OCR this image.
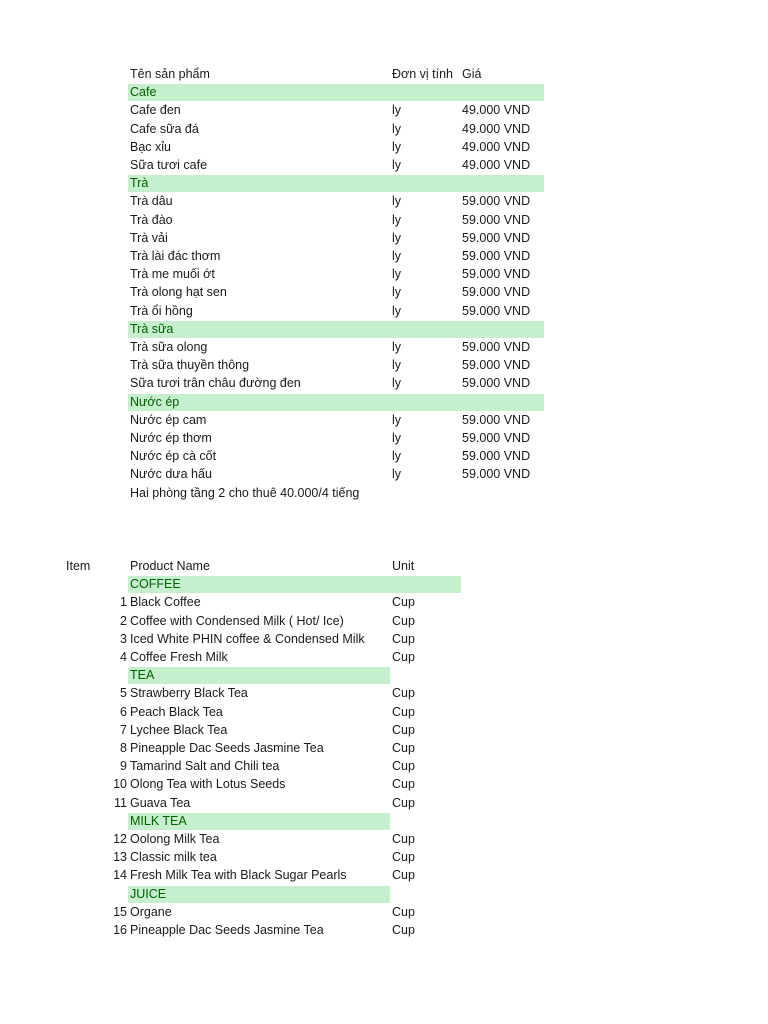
Tên sản phẩm	Đơn vị tính Giá
Cafe
Cafe đen	ly	49.000 VND
Cafe sữa đá	ly	49.000 VND
Bạc xỉu	ly	49.000 VND
Sữa tươi cafe	ly	49.000 VND
Trà
Trà dâu	ly	59.000 VND
Trà đào	ly	59.000 VND
Trà vải	ly	59.000 VND
Trà lài đác thơm	ly	59.000 VND
Trà me muối ớt	ly	59.000 VND
Trà olong hạt sen	ly	59.000 VND
Trà ổi hồng	ly	59.000 VND
Trà sữa
Trà sữa olong	ly	59.000 VND
Trà sữa thuyền thông	ly	59.000 VND
Sữa tươi trân châu đường đen	ly	59.000 VND
Nước ép
Nước ép cam	ly	59.000 VND
Nước ép thơm	ly	59.000 VND
Nước ép cà cốt	ly	59.000 VND
Nước dưa hấu	ly	59.000 VND
Hai phòng tầng 2 cho thuê 40.000/4 tiếng
Item	Product Name	Unit
COFFEE
1 Black Coffee	Cup
2 Coffee with Condensed Milk ( Hot/ Ice)	Cup
3 Iced White PHIN coffee & Condensed Milk	Cup
4 Coffee Fresh Milk	Cup
TEA
5 Strawberry Black Tea	Cup
6 Peach Black Tea	Cup
7 Lychee Black Tea	Cup
8 Pineapple Dac Seeds Jasmine Tea	Cup
9 Tamarind Salt and Chili tea	Cup
10 Olong Tea with Lotus Seeds	Cup
11 Guava Tea	Cup
MILK TEA
12 Oolong Milk Tea	Cup
13 Classic milk tea	Cup
14 Fresh Milk Tea with Black Sugar Pearls	Cup
JUICE
15 Organe	Cup
16 Pineapple Dac Seeds Jasmine Tea	Cup
